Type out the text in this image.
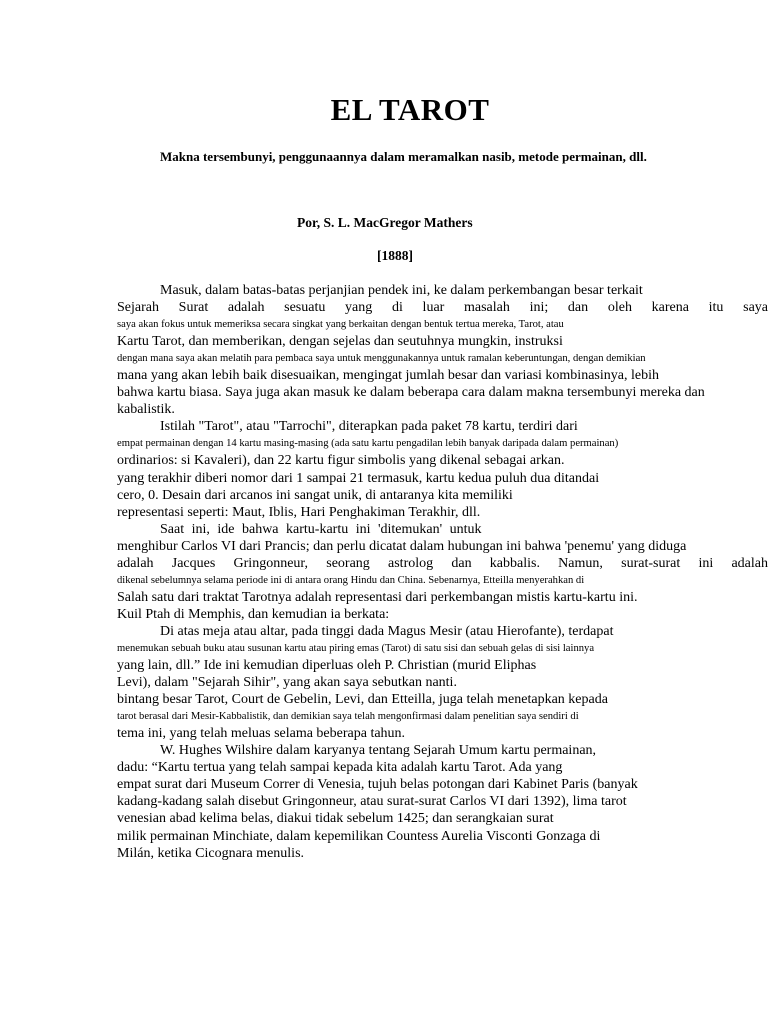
EL TAROT
Makna tersembunyi, penggunaannya dalam meramalkan nasib, metode permainan, dll.
Por, S. L. MacGregor Mathers
[1888]
Masuk, dalam batas-batas perjanjian pendek ini, ke dalam perkembangan besar terkait
Sejarah Surat adalah sesuatu yang di luar masalah ini; dan oleh karena itu saya
saya akan fokus untuk memeriksa secara singkat yang berkaitan dengan bentuk tertua mereka, Tarot, atau
Kartu Tarot, dan memberikan, dengan sejelas dan seutuhnya mungkin, instruksi
dengan mana saya akan melatih para pembaca saya untuk menggunakannya untuk ramalan keberuntungan, dengan demikian
mana yang akan lebih baik disesuaikan, mengingat jumlah besar dan variasi kombinasinya, lebih
bahwa kartu biasa. Saya juga akan masuk ke dalam beberapa cara dalam makna tersembunyi mereka dan
kabalistik.
Istilah "Tarot", atau "Tarrochi", diterapkan pada paket 78 kartu, terdiri dari
empat permainan dengan 14 kartu masing-masing (ada satu kartu pengadilan lebih banyak daripada dalam permainan)
ordinarios: si Kavaleri), dan 22 kartu figur simbolis yang dikenal sebagai arkan.
yang terakhir diberi nomor dari 1 sampai 21 termasuk, kartu kedua puluh dua ditandai
cero, 0. Desain dari arcanos ini sangat unik, di antaranya kita memiliki
representasi seperti: Maut, Iblis, Hari Penghakiman Terakhir, dll.
Saat ini, ide bahwa kartu-kartu ini 'ditemukan' untuk
menghibur Carlos VI dari Prancis; dan perlu dicatat dalam hubungan ini bahwa 'penemu' yang diduga
adalah Jacques Gringonneur, seorang astrolog dan kabbalis. Namun, surat-surat ini adalah
dikenal sebelumnya selama periode ini di antara orang Hindu dan China. Sebenarnya, Etteilla menyerahkan di
Salah satu dari traktat Tarotnya adalah representasi dari perkembangan mistis kartu-kartu ini.
Kuil Ptah di Memphis, dan kemudian ia berkata:
Di atas meja atau altar, pada tinggi dada Magus Mesir (atau Hierofante), terdapat
menemukan sebuah buku atau susunan kartu atau piring emas (Tarot) di satu sisi dan sebuah gelas di sisi lainnya
yang lain, dll.” Ide ini kemudian diperluas oleh P. Christian (murid Eliphas
Levi), dalam "Sejarah Sihir", yang akan saya sebutkan nanti.
bintang besar Tarot, Court de Gebelin, Levi, dan Etteilla, juga telah menetapkan kepada
tarot berasal dari Mesir-Kabbalistik, dan demikian saya telah mengonfirmasi dalam penelitian saya sendiri di
tema ini, yang telah meluas selama beberapa tahun.
W. Hughes Wilshire dalam karyanya tentang Sejarah Umum kartu permainan,
dadu: “Kartu tertua yang telah sampai kepada kita adalah kartu Tarot. Ada yang
empat surat dari Museum Correr di Venesia, tujuh belas potongan dari Kabinet Paris (banyak
kadang-kadang salah disebut Gringonneur, atau surat-surat Carlos VI dari 1392), lima tarot
venesian abad kelima belas, diakui tidak sebelum 1425; dan serangkaian surat
milik permainan Minchiate, dalam kepemilikan Countess Aurelia Visconti Gonzaga di
Milán, ketika Cicognara menulis.
